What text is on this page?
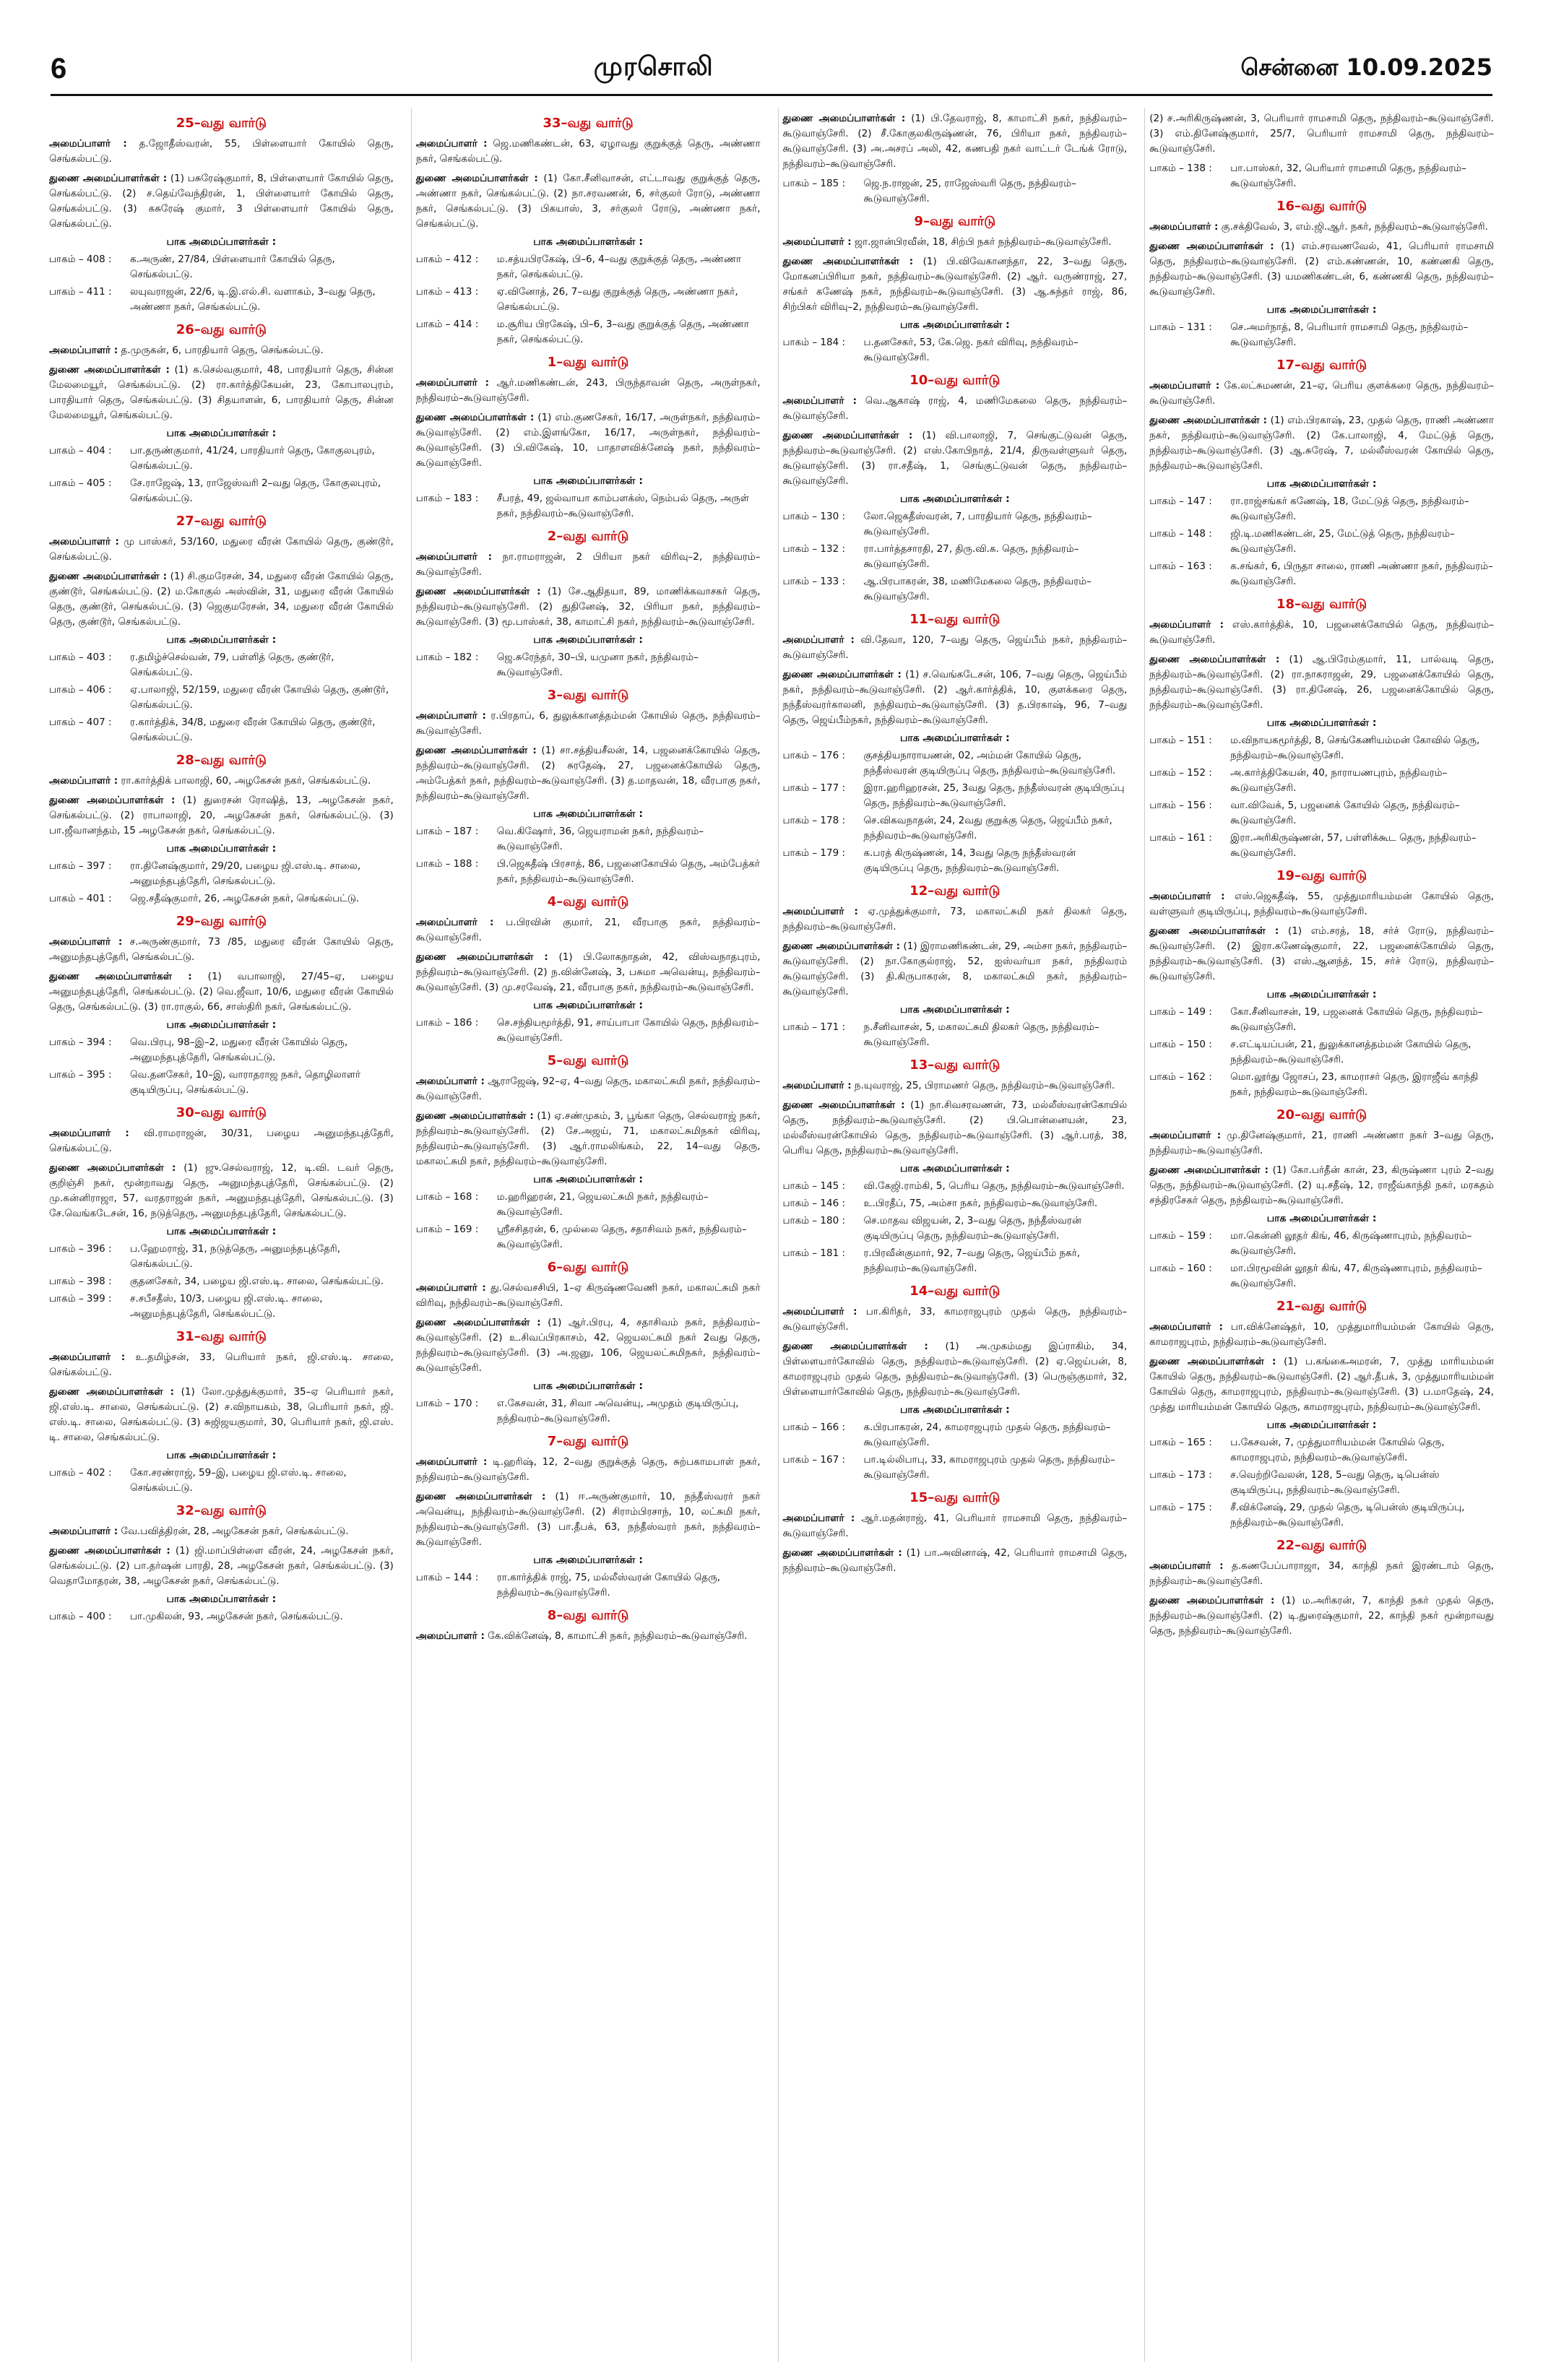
6	முரசொலி	சென்னை 10.09.2025
25–வது வார்டு
அமைப்பாளர் : த.ஜோதீஸ்வரன், 55, பிள்ளையார் கோயில் தெரு, செங்கல்பட்டு.
துணை அமைப்பாளர்கள் : (1) பசுரேஷ்குமார், 8, பிள்ளையார் கோயில் தெரு, செங்கல்பட்டு. (2) ச.தெய்வேந்திரன், 1, பிள்ளையார் கோயில் தெரு, செங்கல்பட்டு. (3) கசுரேஷ் குமார், 3 பிள்ளையார் கோயில் தெரு, செங்கல்பட்டு.
பாக அமைப்பாளர்கள் :
பாகம் – 408 :	க.அருண், 27/84, பிள்ளையார் கோயில் தெரு, செங்கல்பட்டு.
பாகம் – 411 :	லயுவராஜன், 22/6, டி.இ.எல்.சி. வளாகம், 3–வது தெரு, அண்ணா நகர், செங்கல்பட்டு.
26–வது வார்டு
அமைப்பாளர் : த.முருகன், 6, பாரதியார் தெரு, செங்கல்பட்டு.
துணை அமைப்பாளர்கள் : (1) க.செல்வகுமார், 48, பாரதியார் தெரு, சின்ன மேலமையூர், செங்கல்பட்டு. (2) ரா.கார்த்திகேயன், 23, கோபாலபுரம், பாரதியார் தெரு, செங்கல்பட்டு. (3) சிதயாளன், 6, பாரதியார் தெரு, சின்ன மேலமையூர், செங்கல்பட்டு.
பாக அமைப்பாளர்கள் :
பாகம் – 404 :	பா.தருண்குமார், 41/24, பாரதியார் தெரு, கோகுலபுரம், செங்கல்பட்டு.
பாகம் – 405 :	சே.ராஜேஷ், 13, ராஜேஸ்வரி 2–வது தெரு, கோகுலபுரம், செங்கல்பட்டு.
27–வது வார்டு
அமைப்பாளர் : மு பாஸ்கர், 53/160, மதுரை வீரன் கோயில் தெரு, குண்டூர், செங்கல்பட்டு.
துணை அமைப்பாளர்கள் : (1) சி.குமரேசன், 34, மதுரை வீரன் கோயில் தெரு, குண்டூர், செங்கல்பட்டு. (2) ம.கோகுல் அஸ்வின், 31, மதுரை வீரன் கோயில் தெரு, குண்டூர், செங்கல்பட்டு. (3) ஜெகுமரேசன், 34, மதுரை வீரன் கோயில் தெரு, குண்டூர், செங்கல்பட்டு.
பாக அமைப்பாளர்கள் :
பாகம் – 403 :	ர.தமிழ்ச்செல்வன், 79, பள்ளித் தெரு, குண்டூர், செங்கல்பட்டு.
பாகம் – 406 :	ஏ.பாலாஜி, 52/159, மதுரை வீரன் கோயில் தெரு, குண்டூர், செங்கல்பட்டு.
பாகம் – 407 :	ர.கார்த்திக், 34/8, மதுரை வீரன் கோயில் தெரு, குண்டூர், செங்கல்பட்டு.
28–வது வார்டு
அமைப்பாளர் : ரா.கார்த்திக் பாலாஜி, 60, அழகேசன் நகர், செங்கல்பட்டு.
துணை அமைப்பாளர்கள் : (1) துரைசன் ரோஷித், 13, அழகேசன் நகர், செங்கல்பட்டு. (2) ராபாலாஜி, 20, அழகேசன் நகர், செங்கல்பட்டு. (3) பா.ஜீவானந்தம், 15 அழகேசன் நகர், செங்கல்பட்டு.
பாக அமைப்பாளர்கள் :
பாகம் – 397 :	ரா.தினேஷ்குமார், 29/20, பழைய ஜி.எஸ்.டி. சாலை, அனுமந்தபுத்தேரி, செங்கல்பட்டு.
பாகம் – 401 :	ஜெ.சதீஷ்குமார், 26, அழகேசன் நகர், செங்கல்பட்டு.
29–வது வார்டு
அமைப்பாளர் : ச.அருண்குமார், 73 /85, மதுரை வீரன் கோயில் தெரு, அனுமந்தபுத்தேரி, செங்கல்பட்டு.
துணை அமைப்பாளர்கள் : (1) வபாலாஜி, 27/45–ஏ, பழைய அனுமந்தபுத்தேரி, செங்கல்பட்டு. (2) வெ.ஜீவா, 10/6, மதுரை வீரன் கோயில் தெரு, செங்கல்பட்டு. (3) ரா.ராகுல், 66, சாஸ்திரி நகர், செங்கல்பட்டு.
பாக அமைப்பாளர்கள் :
பாகம் – 394 :	வெ.பிரபு, 98–இ–2, மதுரை வீரன் கோயில் தெரு, அனுமந்தபுத்தேரி, செங்கல்பட்டு.
பாகம் – 395 :	வெ.தனசேகர், 10–இ, வாராதராஜ நகர், தொழிலாளர் குடியிருப்பு, செங்கல்பட்டு.
30–வது வார்டு
அமைப்பாளர் : வி.ராமராஜன், 30/31, பழைய அனுமந்தபுத்தேரி, செங்கல்பட்டு.
துணை அமைப்பாளர்கள் : (1) ஜு.செல்வராஜ், 12, டி.வி. டவர் தெரு, குறிஞ்சி நகர், மூன்றாவது தெரு, அனுமந்தபுத்தேரி, செங்கல்பட்டு. (2) மு.கன்னிராஜா, 57, வரதராஜன் நகர், அனுமந்தபுத்தேரி, செங்கல்பட்டு. (3) சே.வெங்கடேசன், 16, நடுத்தெரு, அனுமந்தபுத்தேரி, செங்கல்பட்டு.
பாக அமைப்பாளர்கள் :
பாகம் – 396 :	ப.ஹேமராஜ், 31, நடுத்தெரு, அனுமந்தபுத்தேரி, செங்கல்பட்டு.
பாகம் – 398 :	குதனசேகர், 34, பழைய ஜி.எஸ்.டி. சாலை, செங்கல்பட்டு.
பாகம் – 399 :	ச.சபீசதீஸ், 10/3, பழைய ஜி.எஸ்.டி. சாலை, அனுமந்தபுத்தேரி, செங்கல்பட்டு.
31–வது வார்டு
அமைப்பாளர் : உ.தமிழ்சன், 33, பெரியார் நகர், ஜி.எஸ்.டி. சாலை, செங்கல்பட்டு.
துணை அமைப்பாளர்கள் : (1) லோ.முத்துக்குமார், 35–ஏ பெரியார் நகர், ஜி.எஸ்.டி. சாலை, செங்கல்பட்டு. (2) ச.விநாயகம், 38, பெரியார் நகர், ஜி. எஸ்.டி. சாலை, செங்கல்பட்டு. (3) சுஜிஜயகுமார், 30, பெரியார் நகர், ஜி.எஸ். டி. சாலை, செங்கல்பட்டு.
பாக அமைப்பாளர்கள் :
பாகம் – 402 :	கோ.சரண்ராஜ், 59–இ, பழைய ஜி.எஸ்.டி. சாலை, செங்கல்பட்டு.
32–வது வார்டு
அமைப்பாளர் : வே.பவித்திரன், 28, அழகேசன் நகர், செங்கல்பட்டு.
துணை அமைப்பாளர்கள் : (1) ஜி.மாப்பிள்ளை வீரன், 24, அழகேசன் நகர், செங்கல்பட்டு. (2) பா.தர்ஷன் பாரதி, 28, அழகேசன் நகர், செங்கல்பட்டு. (3) வெதாமோதரன், 38, அழகேசன் நகர், செங்கல்பட்டு.
பாக அமைப்பாளர்கள் :
பாகம் – 400 :	பா.முகிலன், 93, அழகேசன் நகர், செங்கல்பட்டு.
33–வது வார்டு
அமைப்பாளர் : ஜெ.மணிகண்டன், 63, ஏழாவது குறுக்குத் தெரு, அண்ணா நகர், செங்கல்பட்டு.
துணை அமைப்பாளர்கள் : (1) கோ.சீனிவாசன், எட்டாவது குறுக்குத் தெரு, அண்ணா நகர், செங்கல்பட்டு. (2) நா.சரவணன், 6, சர்குலர் ரோடு, அண்ணா நகர், செங்கல்பட்டு. (3) பிகயாஸ், 3, சர்குலர் ரோடு, அண்ணா நகர், செங்கல்பட்டு.
பாக அமைப்பாளர்கள் :
பாகம் – 412 :	ம.சத்யபிரகேஷ், பி–6, 4–வது குறுக்குத் தெரு, அண்ணா நகர், செங்கல்பட்டு.
பாகம் – 413 :	ஏ.வினோத், 26, 7–வது குறுக்குத் தெரு, அண்ணா நகர், செங்கல்பட்டு.
பாகம் – 414 :	ம.சூரிய பிரகேஷ், பி–6, 3–வது குறுக்குத் தெரு, அண்ணா நகர், செங்கல்பட்டு.
1–வது வார்டு
அமைப்பாளர் : ஆர்.மணிகண்டன், 243, பிருந்தாவன் தெரு, அருள்நகர், நந்திவரம்–கூடுவாஞ்சேரி.
துணை அமைப்பாளர்கள் : (1) எம்.குணசேகர், 16/17, அருள்நகர், நந்திவரம்–கூடுவாஞ்சேரி. (2) எம்.இளங்கோ, 16/17, அருள்நகர், நந்திவரம்–கூடுவாஞ்சேரி. (3) பி.விகேஷ், 10, பாதாளவிக்னேஷ் நகர், நந்திவரம்–கூடுவாஞ்சேரி.
பாக அமைப்பாளர்கள் :
பாகம் – 183 :	சீபரத், 49, ஜல்வாயா காம்பளக்ஸ், நெம்பல் தெரு, அருள் நகர், நந்திவரம்–கூடுவாஞ்சேரி.
2–வது வார்டு
அமைப்பாளர் : நா.ராமராஜன், 2 பிரியா நகர் விரிவு–2, நந்திவரம்–கூடுவாஞ்சேரி.
துணை அமைப்பாளர்கள் : (1) சே.ஆதிதயா, 89, மாணிக்கவாசகர் தெரு, நந்திவரம்–கூடுவாஞ்சேரி. (2) துதினேஷ், 32, பிரியா நகர், நந்திவரம்–கூடுவாஞ்சேரி. (3) மூ.பாஸ்கர், 38, காமாட்சி நகர், நந்திவரம்–கூடுவாஞ்சேரி.
பாக அமைப்பாளர்கள் :
பாகம் – 182 :	ஜெ.சுரேந்தர், 30–பி, யமுனா நகர், நந்திவரம்–கூடுவாஞ்சேரி.
3–வது வார்டு
அமைப்பாளர் : ர.பிரதாப், 6, துலுக்கானத்தம்மன் கோயில் தெரு, நந்திவரம்–கூடுவாஞ்சேரி.
துணை அமைப்பாளர்கள் : (1) சா.சத்தியசீலன், 14, பஜனைக்கோயில் தெரு, நந்திவரம்–கூடுவாஞ்சேரி. (2) சுரதேஷ், 27, பஜனைக்கோயில் தெரு, அம்பேத்கர் நகர், நந்திவரம்–கூடுவாஞ்சேரி. (3) த.மாதவன், 18, வீரபாகு நகர், நந்திவரம்–கூடுவாஞ்சேரி.
பாக அமைப்பாளர்கள் :
பாகம் – 187 :	வெ.கிஷோர், 36, ஜெயராமன் நகர், நந்திவரம்–கூடுவாஞ்சேரி.
பாகம் – 188 :	பி.ஜெகதீஷ் பிரசாத், 86, பஜனைகோயில் தெரு, அம்பேத்கர் நகர், நந்திவரம்–கூடுவாஞ்சேரி.
4–வது வார்டு
அமைப்பாளர் : ப.பிரவின் குமார், 21, வீரபாகு நகர், நந்திவரம்–கூடுவாஞ்சேரி.
துணை அமைப்பாளர்கள் : (1) பி.லோகநாதன், 42, விஸ்வநாதபுரம், நந்திவரம்–கூடுவாஞ்சேரி. (2) ந.வின்னேஷ், 3, பசுமா அவென்யு, நந்திவரம்–கூடுவாஞ்சேரி. (3) மு.சரவேஷ், 21, வீரபாகு நகர், நந்திவரம்–கூடுவாஞ்சேரி.
பாக அமைப்பாளர்கள் :
பாகம் – 186 :	செ.சந்தியமூர்த்தி, 91, சாய்பாபா கோயில் தெரு, நந்திவரம்–கூடுவாஞ்சேரி.
5–வது வார்டு
அமைப்பாளர் : ஆராஜேஷ், 92–ஏ, 4–வது தெரு, மகாலட்சுமி நகர், நந்திவரம்–கூடுவாஞ்சேரி.
துணை அமைப்பாளர்கள் : (1) ஏ.சண்முகம், 3, பூங்கா தெரு, செல்வராஜ் நகர், நந்திவரம்–கூடுவாஞ்சேரி. (2) சே.அஜய், 71, மகாலட்சுமிநகர் விரிவு, நந்திவரம்–கூடுவாஞ்சேரி. (3) ஆர்.ராமலிங்கம், 22, 14–வது தெரு, மகாலட்சுமி நகர், நந்திவரம்–கூடுவாஞ்சேரி.
பாக அமைப்பாளர்கள் :
பாகம் – 168 :	ம.ஹரிஹரன், 21, ஜெயலட்சுமி நகர், நந்திவரம்–கூடுவாஞ்சேரி.
பாகம் – 169 :	ஸ்ரீசசிதரன், 6, முல்லை தெரு, சதாசிவம் நகர், நந்திவரம்–கூடுவாஞ்சேரி.
6–வது வார்டு
அமைப்பாளர் : து.செல்வசசியி, 1–ஏ கிருஷ்ணவேணி நகர், மகாலட்சுமி நகர் விரிவு, நந்திவரம்–கூடுவாஞ்சேரி.
துணை அமைப்பாளர்கள் : (1) ஆர்.பிரபு, 4, சதாசிவம் நகர், நந்திவரம்–கூடுவாஞ்சேரி. (2) உ.சிவப்பிரகாசம், 42, ஜெயலட்சுமி நகர் 2வது தெரு, நந்திவரம்–கூடுவாஞ்சேரி. (3) அ.ஜனு, 106, ஜெயலட்சுமிநகர், நந்திவரம்–கூடுவாஞ்சேரி.
பாக அமைப்பாளர்கள் :
பாகம் – 170 :	எ.கேசவன், 31, சிவா அவென்யு, அமுதம் குடியிருப்பு, நந்திவரம்–கூடுவாஞ்சேரி.
7–வது வார்டு
அமைப்பாளர் : டி.ஹரிஷ், 12, 2–வது குறுக்குத் தெரு, சுற்பகாமபாள் நகர், நந்திவரம்–கூடுவாஞ்சேரி.
துணை அமைப்பாளர்கள் : (1) ஈ.அருண்குமார், 10, நந்தீஸ்வரர் நகர் அவென்யு, நந்திவரம்–கூடுவாஞ்சேரி. (2) சிராம்பிரசாந், 10, லட்சுமி நகர், நந்திவரம்–கூடுவாஞ்சேரி. (3) பா.தீபக், 63, நந்தீஸ்வரர் நகர், நந்திவரம்–கூடுவாஞ்சேரி.
பாக அமைப்பாளர்கள் :
பாகம் – 144 :	ரா.கார்த்திக் ராஜ், 75, மல்லீஸ்வரன் கோயில் தெரு, நந்திவரம்–கூடுவாஞ்சேரி.
8–வது வார்டு
அமைப்பாளர் : கே.விக்னேஷ், 8, காமாட்சி நகர், நந்திவரம்–கூடுவாஞ்சேரி.
துணை அமைப்பாளர்கள் : (1) பி.தேவராஜ், 8, காமாட்சி நகர், நந்திவரம்–கூடுவாஞ்சேரி. (2) சீ.கோகுலகிருஷ்ணன், 76, பிரியா நகர், நந்திவரம்–கூடுவாஞ்சேரி. (3) அ.அசரப் அலி, 42, கணபதி நகர் வாட்டர் டேங்க் ரோடு, நந்திவரம்–கூடுவாஞ்சேரி.
பாகம் – 185 :	ஜெ.ந.ராஜன், 25, ராஜேஸ்வரி தெரு, நந்திவரம்–கூடுவாஞ்சேரி.
9–வது வார்டு
அமைப்பாளர் : ஜா.ஜான்பிரவீன், 18, சிற்பி நகர் நந்திவரம்–கூடுவாஞ்சேரி.
துணை அமைப்பாளர்கள் : (1) பி.விவேகானந்தா, 22, 3–வது தெரு, மோகனப்பிரியா நகர், நந்திவரம்–கூடுவாஞ்சேரி. (2) ஆர். வருண்ராஜ், 27, சங்கர் கணேஷ் நகர், நந்திவரம்–கூடுவாஞ்சேரி. (3) ஆ.சுந்தர் ராஜ், 86, சிற்பிகர் விரிவு–2, நந்திவரம்–கூடுவாஞ்சேரி.
பாக அமைப்பாளர்கள் :
பாகம் – 184 :	ப.தனசேகர், 53, கே.ஜெ. நகர் விரிவு, நந்திவரம்–கூடுவாஞ்சேரி.
10–வது வார்டு
அமைப்பாளர் : வெ.ஆகாஷ் ராஜ், 4, மணிமேகலை தெரு, நந்திவரம்–கூடுவாஞ்சேரி.
துணை அமைப்பாளர்கள் : (1) வி.பாலாஜி, 7, செங்குட்டுவன் தெரு, நந்திவரம்–கூடுவாஞ்சேரி. (2) எஸ்.கோபிநாத், 21/4, திருவள்ளுவர் தெரு, கூடுவாஞ்சேரி. (3) ரா.சதீஷ், 1, செங்குட்டுவன் தெரு, நந்திவரம்–கூடுவாஞ்சேரி.
பாக அமைப்பாளர்கள் :
பாகம் – 130 :	லோ.ஜெகதீஸ்வரன், 7, பாரதியார் தெரு, நந்திவரம்–கூடுவாஞ்சேரி.
பாகம் – 132 :	ரா.பார்த்தசாரதி, 27, திரு.வி.க. தெரு, நந்திவரம்–கூடுவாஞ்சேரி.
பாகம் – 133 :	ஆ.பிரபாகரன், 38, மணிமேகலை தெரு, நந்திவரம்–கூடுவாஞ்சேரி.
11–வது வார்டு
அமைப்பாளர் : வி.தேவா, 120, 7–வது தெரு, ஜெய்பீம் நகர், நந்திவரம்–கூடுவாஞ்சேரி.
துணை அமைப்பாளர்கள் : (1) ச.வெங்கடேசன், 106, 7–வது தெரு, ஜெய்பீம் நகர், நந்திவரம்–கூடுவாஞ்சேரி. (2) ஆர்.கார்த்திக், 10, குளக்கரை தெரு, நந்தீஸ்வரர்காலனி, நந்திவரம்–கூடுவாஞ்சேரி. (3) த.பிரகாஷ், 96, 7–வது தெரு, ஜெய்பீம்நகர், நந்திவரம்–கூடுவாஞ்சேரி.
பாக அமைப்பாளர்கள் :
பாகம் – 176 :	குசத்தியநாராயணன், 02, அம்மன் கோயில் தெரு, நந்தீஸ்வரன் குடியிருப்பு தெரு, நந்திவரம்–கூடுவாஞ்சேரி.
பாகம் – 177 :	இரா.ஹரிஹரசன், 25, 3வது தெரு, நந்தீஸ்வரன் குடியிருப்பு தெரு, நந்திவரம்–கூடுவாஞ்சேரி.
பாகம் – 178 :	செ.விகவநாதன், 24, 2வது குறுக்கு தெரு, ஜெய்பீம் நகர், நந்திவரம்–கூடுவாஞ்சேரி.
பாகம் – 179 :	க.பரத் கிருஷ்ணன், 14, 3வது தெரு நந்தீஸ்வரன் குடியிருப்பு தெரு, நந்திவரம்–கூடுவாஞ்சேரி.
12–வது வார்டு
அமைப்பாளர் : ஏ.முத்துக்குமார், 73, மகாலட்சுமி நகர் திலகர் தெரு, நந்திவரம்–கூடுவாஞ்சேரி.
துணை அமைப்பாளர்கள் : (1) இராமணிகண்டன், 29, அம்சா நகர், நந்திவரம்–கூடுவாஞ்சேரி. (2) நா.கோகுல்ராஜ், 52, ஐஸ்வர்யா நகர், நந்திவரம் கூடுவாஞ்சேரி. (3) தி.கிருபாகரன், 8, மகாலட்சுமி நகர், நந்திவரம்–கூடுவாஞ்சேரி.
பாக அமைப்பாளர்கள் :
பாகம் – 171 :	ந.சீனிவாசன், 5, மகாலட்சுமி திலகர் தெரு, நந்திவரம்–கூடுவாஞ்சேரி.
13–வது வார்டு
அமைப்பாளர் : ந.யுவராஜ், 25, பிராமணர் தெரு, நந்திவரம்–கூடுவாஞ்சேரி.
துணை அமைப்பாளர்கள் : (1) நா.சிவசரவணன், 73, மல்லீஸ்வரன்கோயில் தெரு, நந்திவரம்–கூடுவாஞ்சேரி. (2) பி.பொன்னையன், 23, மல்லீஸ்வரன்கோயில் தெரு, நந்திவரம்–கூடுவாஞ்சேரி. (3) ஆர்.பரத், 38, பெரிய தெரு, நந்திவரம்–கூடுவாஞ்சேரி.
பாக அமைப்பாளர்கள் :
பாகம் – 145 :	வி.கேஜி.ராம்கி, 5, பெரிய தெரு, நந்திவரம்–கூடுவாஞ்சேரி.
பாகம் – 146 :	உ.பிரதீப், 75, அம்சா நகர், நந்திவரம்–கூடுவாஞ்சேரி.
பாகம் – 180 :	செ.மாதவ விஜயன், 2, 3–வது தெரு, நந்தீஸ்வரன் குடியிருப்பு தெரு, நந்திவரம்–கூடுவாஞ்சேரி.
பாகம் – 181 :	ர.பிரவீன்குமார், 92, 7–வது தெரு, ஜெய்பீம் நகர், நந்திவரம்–கூடுவாஞ்சேரி.
14–வது வார்டு
அமைப்பாளர் : பா.கிரிதர், 33, காமராஜபுரம் முதல் தெரு, நந்திவரம்–கூடுவாஞ்சேரி.
துணை அமைப்பாளர்கள் : (1) அ.முகம்மது இப்ராகிம், 34, பிள்ளையார்கோவில் தெரு, நந்திவரம்–கூடுவாஞ்சேரி. (2) ஏ.ஜெய்பன், 8, காமராஜபுரம் முதல் தெரு, நந்திவரம்–கூடுவாஞ்சேரி. (3) பெருஞ்குமார், 32, பிள்ளையார்கோவில் தெரு, நந்திவரம்–கூடுவாஞ்சேரி.
பாக அமைப்பாளர்கள் :
பாகம் – 166 :	க.பிரபாகரன், 24, காமராஜபுரம் முதல் தெரு, நந்திவரம்–கூடுவாஞ்சேரி.
பாகம் – 167 :	பா.டில்லிபாபு, 33, காமராஜபுரம் முதல் தெரு, நந்திவரம்–கூடுவாஞ்சேரி.
15–வது வார்டு
அமைப்பாளர் : ஆர்.மதன்ராஜ், 41, பெரியார் ராமசாமி தெரு, நந்திவரம்–கூடுவாஞ்சேரி.
துணை அமைப்பாளர்கள் : (1) பா.அவினாஷ், 42, பெரியார் ராமசாமி தெரு, நந்திவரம்–கூடுவாஞ்சேரி.
(2) ச.அரிகிருஷ்ணன், 3, பெரியார் ராமசாமி தெரு, நந்திவரம்–கூடுவாஞ்சேரி. (3) எம்.தினேஷ்குமார், 25/7, பெரியார் ராமசாமி தெரு, நந்திவரம்–கூடுவாஞ்சேரி.
பாகம் – 138 :	பா.பாஸ்கர், 32, பெரியார் ராமசாமி தெரு, நந்திவரம்–கூடுவாஞ்சேரி.
16–வது வார்டு
அமைப்பாளர் : கு.சக்திவேல், 3, எம்.ஜி.ஆர். நகர், நந்திவரம்–கூடுவாஞ்சேரி.
துணை அமைப்பாளர்கள் : (1) எம்.சரவணவேல், 41, பெரியார் ராமசாமி தெரு, நந்திவரம்–கூடுவாஞ்சேரி. (2) எம்.கண்ணன், 10, கண்ணகி தெரு, நந்திவரம்–கூடுவாஞ்சேரி. (3) யமணிகண்டன், 6, கண்ணகி தெரு, நந்திவரம்–கூடுவாஞ்சேரி.
பாக அமைப்பாளர்கள் :
பாகம் – 131 :	செ.அமர்நாத், 8, பெரியார் ராமசாமி தெரு, நந்திவரம்–கூடுவாஞ்சேரி.
17–வது வார்டு
அமைப்பாளர் : கே.லட்சுமணன், 21–ஏ, பெரிய குளக்கரை தெரு, நந்திவரம்–கூடுவாஞ்சேரி.
துணை அமைப்பாளர்கள் : (1) எம்.பிரகாஷ், 23, முதல் தெரு, ராணி அண்ணா நகர், நந்திவரம்–கூடுவாஞ்சேரி. (2) கே.பாலாஜி, 4, மேட்டுத் தெரு, நந்திவரம்–கூடுவாஞ்சேரி. (3) ஆ.சுரேஷ், 7, மல்லீஸ்வரன் கோயில் தெரு, நந்திவரம்–கூடுவாஞ்சேரி.
பாக அமைப்பாளர்கள் :
பாகம் – 147 :	ரா.ராஜ்சங்கர் கணேஷ், 18, மேட்டுத் தெரு, நந்திவரம்–கூடுவாஞ்சேரி.
பாகம் – 148 :	ஜி.டி.மணிகண்டன், 25, மேட்டுத் தெரு, நந்திவரம்–கூடுவாஞ்சேரி.
பாகம் – 163 :	க.சங்கர், 6, பிருதா சாலை, ராணி அண்ணா நகர், நந்திவரம்–கூடுவாஞ்சேரி.
18–வது வார்டு
அமைப்பாளர் : எஸ்.கார்த்திக், 10, பஜனைக்கோயில் தெரு, நந்திவரம்–கூடுவாஞ்சேரி.
துணை அமைப்பாளர்கள் : (1) ஆ.பிரேம்குமார், 11, பால்வடி தெரு, நந்திவரம்–கூடுவாஞ்சேரி. (2) ரா.நாகராஜன், 29, பஜனைக்கோயில் தெரு, நந்திவரம்–கூடுவாஞ்சேரி. (3) ரா.தினேஷ், 26, பஜனைக்கோயில் தெரு, நந்திவரம்–கூடுவாஞ்சேரி.
பாக அமைப்பாளர்கள் :
பாகம் – 151 :	ம.விநாயகமூர்த்தி, 8, செங்கேணியம்மன் கோவில் தெரு, நந்திவரம்–கூடுவாஞ்சேரி.
பாகம் – 152 :	அ.கார்த்திகேயன், 40, நாராயணபுரம், நந்திவரம்–கூடுவாஞ்சேரி.
பாகம் – 156 :	வா.விவேக், 5, பஜனைக் கோயில் தெரு, நந்திவரம்–கூடுவாஞ்சேரி.
பாகம் – 161 :	இரா.அரிகிருஷ்ணன், 57, பள்ளிக்கூட தெரு, நந்திவரம்–கூடுவாஞ்சேரி.
19–வது வார்டு
அமைப்பாளர் : எஸ்.ஜெகதீஷ், 55, முத்துமாரியம்மன் கோயில் தெரு, வள்ளுவர் குடியிருப்பு, நந்திவரம்–கூடுவாஞ்சேரி.
துணை அமைப்பாளர்கள் : (1) எம்.சரத், 18, சர்ச் ரோடு, நந்திவரம்–கூடுவாஞ்சேரி. (2) இரா.கணேஷ்குமார், 22, பஜனைக்கோயில் தெரு, நந்திவரம்–கூடுவாஞ்சேரி. (3) எஸ்.ஆனந்த், 15, சர்ச் ரோடு, நந்திவரம்–கூடுவாஞ்சேரி.
பாக அமைப்பாளர்கள் :
பாகம் – 149 :	கோ.சீனிவாசன், 19, பஜனைக் கோயில் தெரு, நந்திவரம்–கூடுவாஞ்சேரி.
பாகம் – 150 :	ச.எட்டியப்பன், 21, துலுக்கானத்தம்மன் கோயில் தெரு, நந்திவரம்–கூடுவாஞ்சேரி.
பாகம் – 162 :	மொ.லூர்து ஜோசப், 23, காமராசர் தெரு, இராஜீவ் காந்தி நகர், நந்திவரம்–கூடுவாஞ்சேரி.
20–வது வார்டு
அமைப்பாளர் : மு.தினேஷ்குமார், 21, ராணி அண்ணா நகர் 3–வது தெரு, நந்திவரம்–கூடுவாஞ்சேரி.
துணை அமைப்பாளர்கள் : (1) கோ.பர்தீன் கான், 23, கிருஷ்ணா புரம் 2–வது தெரு, நந்திவரம்–கூடுவாஞ்சேரி. (2) யு.சதீஷ், 12, ராஜீவ்காந்தி நகர், மரகதம் சந்திரசேகர் தெரு, நந்திவரம்–கூடுவாஞ்சேரி.
பாக அமைப்பாளர்கள் :
பாகம் – 159 :	மா.கென்னி லூதர் கிங், 46, கிருஷ்ணாபுரம், நந்திவரம்–கூடுவாஞ்சேரி.
பாகம் – 160 :	மா.பிரமூவின் லூதர் கிங், 47, கிருஷ்ணாபுரம், நந்திவரம்–கூடுவாஞ்சேரி.
21–வது வார்டு
அமைப்பாளர் : பா.விக்னேஷ்தர், 10, முத்துமாரியம்மன் கோயில் தெரு, காமராஜபுரம், நந்திவரம்–கூடுவாஞ்சேரி.
துணை அமைப்பாளர்கள் : (1) ப.கங்கைஅமரன், 7, முத்து மாரியம்மன் கோயில் தெரு, நந்திவரம்–கூடுவாஞ்சேரி. (2) ஆர்.தீபக், 3, முத்துமாரியம்மன் கோயில் தெரு, காமராஜபுரம், நந்திவரம்–கூடுவாஞ்சேரி. (3) ப.மாதேஷ், 24, முத்து மாரியம்மன் கோயில் தெரு, காமராஜபுரம், நந்திவரம்–கூடுவாஞ்சேரி.
பாக அமைப்பாளர்கள் :
பாகம் – 165 :	ப.கேசவன், 7, முத்துமாரியம்மன் கோயில் தெரு, காமராஜபுரம், நந்திவரம்–கூடுவாஞ்சேரி.
பாகம் – 173 :	ச.வெற்றிவேலன், 128, 5–வது தெரு, டிபென்ஸ் குடியிருப்பு, நந்திவரம்–கூடுவாஞ்சேரி.
பாகம் – 175 :	சீ.விக்னேஷ், 29, முதல் தெரு, டிபென்ஸ் குடியிருப்பு, நந்திவரம்–கூடுவாஞ்சேரி.
22–வது வார்டு
அமைப்பாளர் : த.கணபேப்பாராஜா, 34, காந்தி நகர் இரண்டாம் தெரு, நந்திவரம்–கூடுவாஞ்சேரி.
துணை அமைப்பாளர்கள் : (1) ம.அரிகரன், 7, காந்தி நகர் முதல் தெரு, நந்திவரம்–கூடுவாஞ்சேரி. (2) டி.துரைஷ்குமார், 22, காந்தி நகர் மூன்றாவது தெரு, நந்திவரம்–கூடுவாஞ்சேரி.
